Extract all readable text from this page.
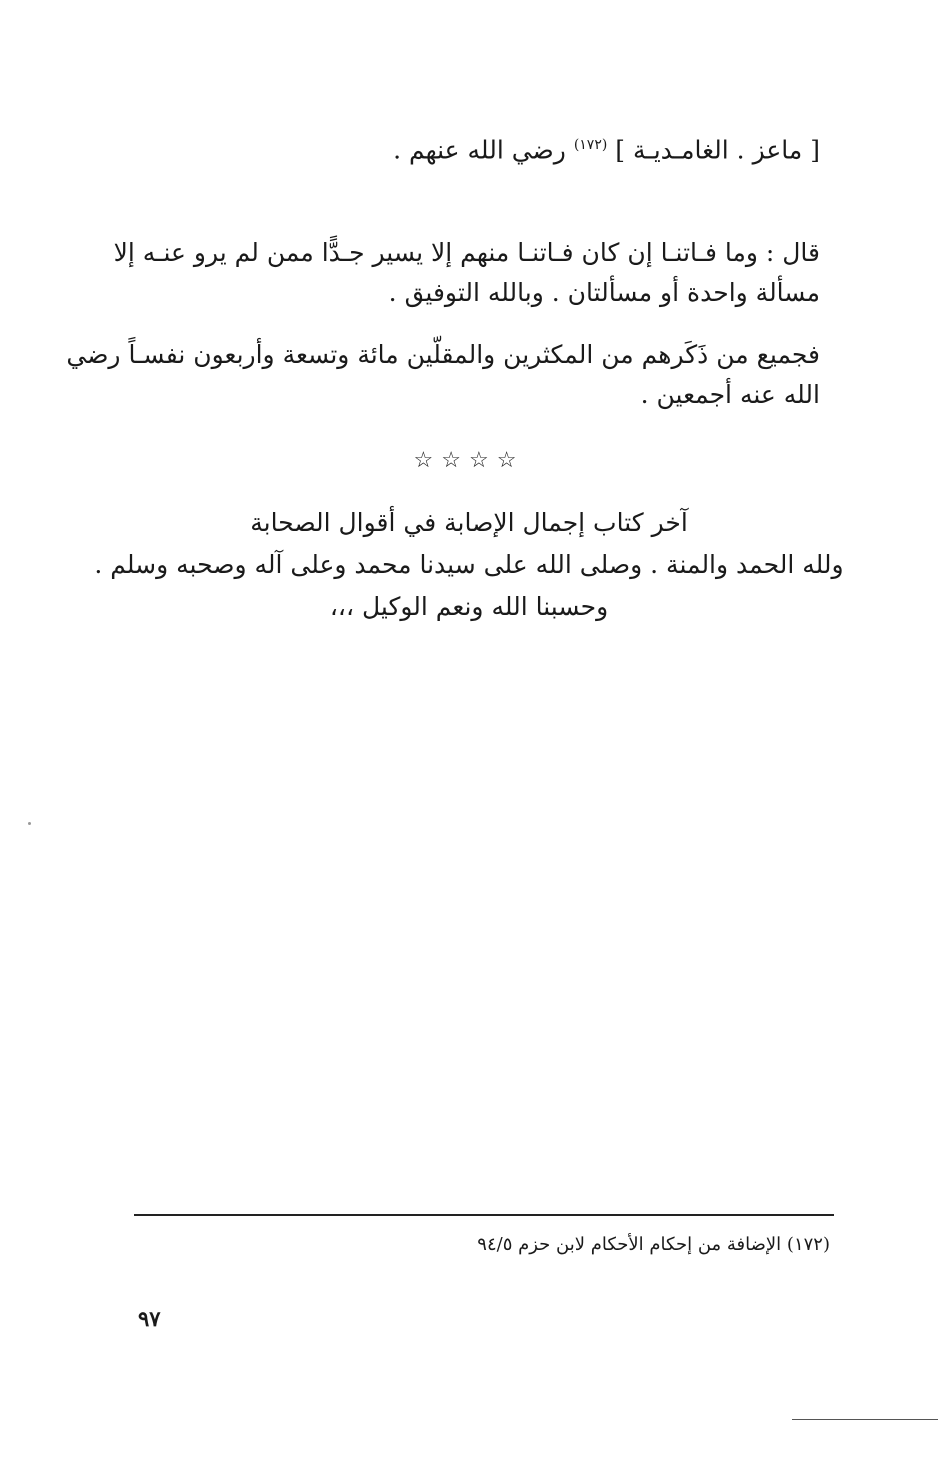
[ ماعز . الغامـديـة ] $^{(١٧٢)}$ رضي الله عنهم .
قال : وما فـاتنـا إن كان فـاتنـا منهم إلا يسير جـدًّا ممن لم يرو عنـه إلا
مسألة واحدة أو مسألتان . وبالله التوفيق .
فجميع من ذَكَرهم من المكثرين والمقلّين مائة وتسعة وأربعون نفسـاً رضي
الله عنه أجمعين .
☆☆☆☆
آخر كتاب إجمال الإصابة في أقوال الصحابة
ولله الحمد والمنة . وصلى الله على سيدنا محمد وعلى آله وصحبه وسلم .
وحسبنا الله ونعم الوكيل ،،،
(١٧٢) الإضافة من إحكام الأحكام لابن حزم ٩٤/٥
٩٧
